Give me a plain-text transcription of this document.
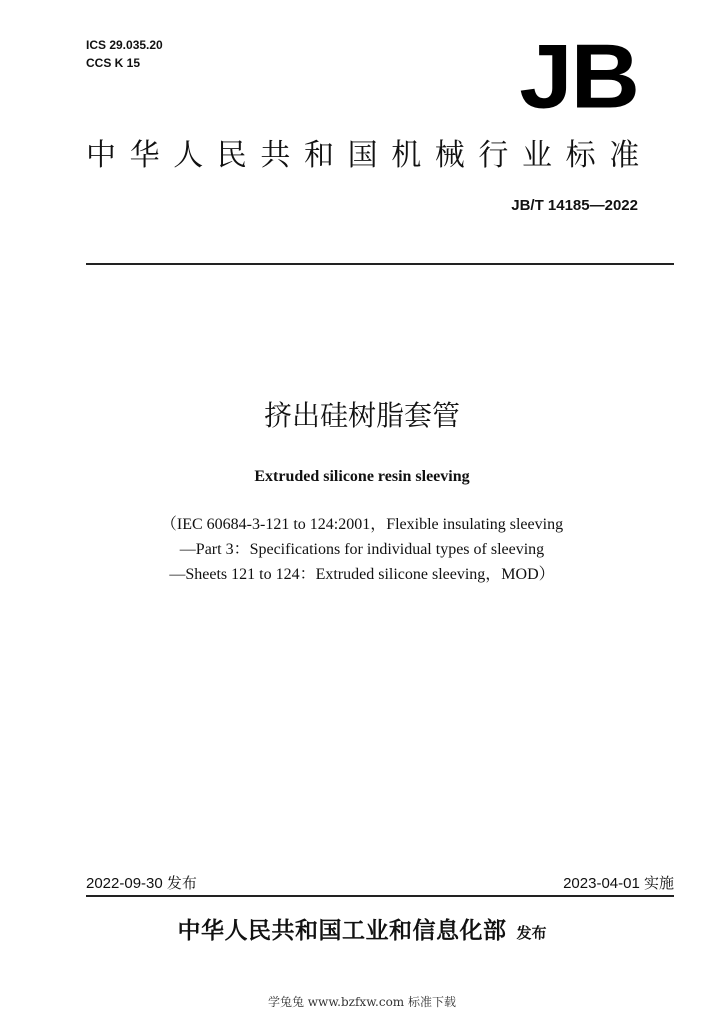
ICS 29.035.20
CCS K 15	JB
中华人民共和国机械行业标准
JB/T 14185—2022
挤出硅树脂套管
Extruded silicone resin sleeving
（IEC 60684-3-121 to 124:2001，Flexible insulating sleeving
—Part 3：Specifications for individual types of sleeving
—Sheets 121 to 124：Extruded silicone sleeving，MOD）
2022-09-30 发布	2023-04-01 实施
中华人民共和国工业和信息化部 发布
学兔兔 www.bzfxw.com 标准下载
